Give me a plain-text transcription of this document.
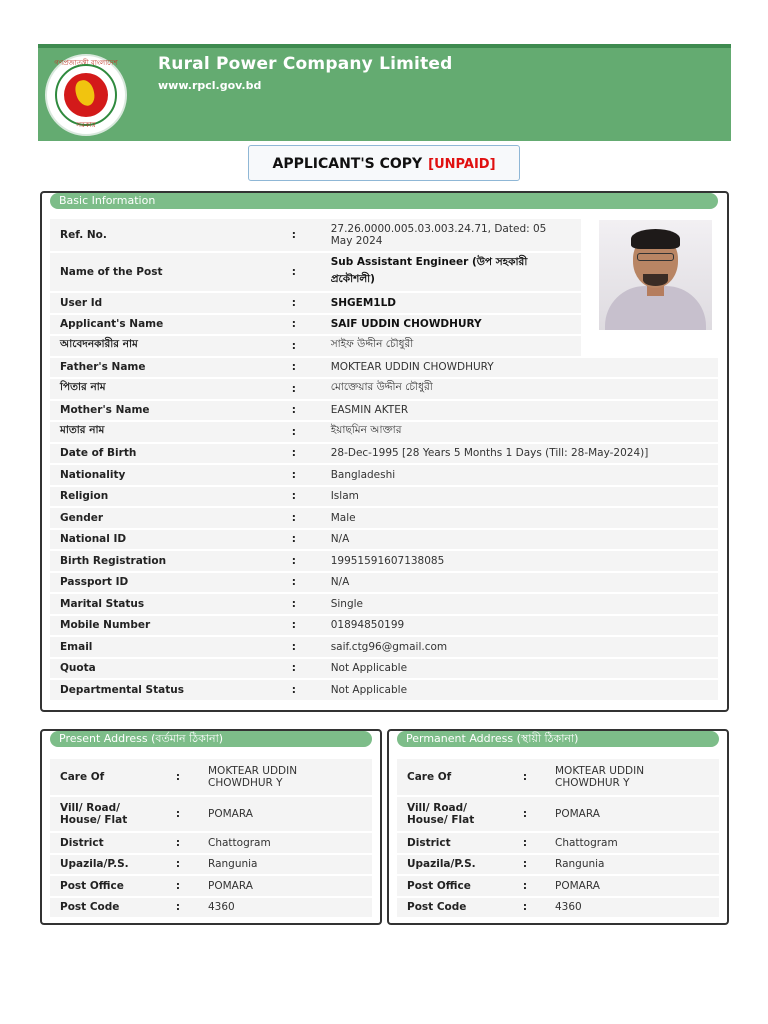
গণপ্রজাতন্ত্রী বাংলাদেশ
সরকার
Rural Power Company Limited
www.rpcl.gov.bd
APPLICANT'S COPY [UNPAID]
Basic Information
Ref. No.	:	27.26.0000.005.03.003.24.71, Dated: 05 May 2024	
Name of the Post	:	Sub Assistant Engineer (উপ সহকারী প্রকৌশলী)	
User Id	:	SHGEM1LD	
Applicant's Name	:	SAIF UDDIN CHOWDHURY	
আবেদনকারীর নাম	:	সাইফ উদ্দীন চৌধুরী	
Father's Name	:	MOKTEAR UDDIN CHOWDHURY	
পিতার নাম	:	মোক্তেয়ার উদ্দীন চৌধুরী	
Mother's Name	:	EASMIN AKTER	
মাতার নাম	:	ইয়াছমিন আক্তার	
Date of Birth	:	28-Dec-1995 [28 Years 5 Months 1 Days (Till: 28-May-2024)]	
Nationality	:	Bangladeshi	
Religion	:	Islam	
Gender	:	Male	
National ID	:	N/A	
Birth Registration	:	19951591607138085	
Passport ID	:	N/A	
Marital Status	:	Single	
Mobile Number	:	01894850199	
Email	:	saif.ctg96@gmail.com	
Quota	:	Not Applicable	
Departmental Status	:	Not Applicable	
Present Address (বর্তমান ঠিকানা)
Care Of	:	MOKTEAR UDDIN CHOWDHUR Y
Vill/ Road/ House/ Flat	:	POMARA
District	:	Chattogram
Upazila/P.S.	:	Rangunia
Post Office	:	POMARA
Post Code	:	4360
Permanent Address (স্থায়ী ঠিকানা)
Care Of	:	MOKTEAR UDDIN CHOWDHUR Y
Vill/ Road/ House/ Flat	:	POMARA
District	:	Chattogram
Upazila/P.S.	:	Rangunia
Post Office	:	POMARA
Post Code	:	4360
